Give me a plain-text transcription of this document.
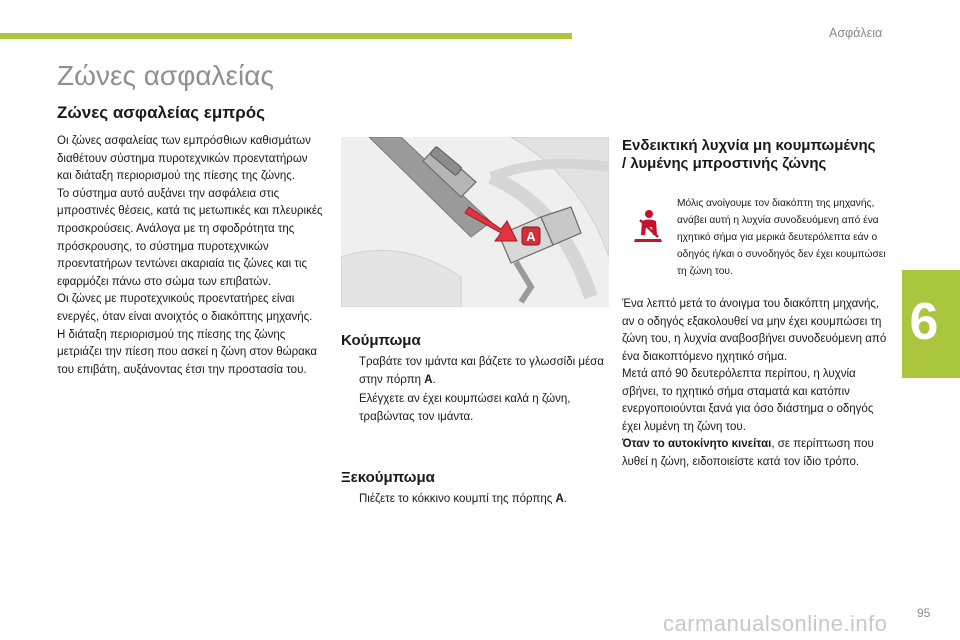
Ασφάλεια
6
Ζώνες ασφαλείας
Ζώνες ασφαλείας εμπρός

Οι ζώνες ασφαλείας των εμπρόσθιων καθισμάτων διαθέτουν σύστημα πυροτεχνικών προεντατήρων και διάταξη περιορισμού της πίεσης της ζώνης.

Το σύστημα αυτό αυξάνει την ασφάλεια στις μπροστινές θέσεις, κατά τις μετωπικές και πλευρικές προσκρούσεις. Ανάλογα με τη σφοδρότητα της πρόσκρουσης, το σύστημα πυροτεχνικών προεντατήρων τεντώνει ακαριαία τις ζώνες και τις εφαρμόζει πάνω στο σώμα των επιβατών.

Οι ζώνες με πυροτεχνικούς προεντατήρες είναι ενεργές, όταν είναι ανοιχτός ο διακόπτης μηχανής.

Η διάταξη περιορισμού της πίεσης της ζώνης μετριάζει την πίεση που ασκεί η ζώνη στον θώρακα του επιβάτη, αυξάνοντας έτσι την προστασία του.

A
Κούμπωμα
Τραβάτε τον ιμάντα και βάζετε το γλωσσίδι μέσα στην πόρπη A.
Ελέγχετε αν έχει κουμπώσει καλά η ζώνη, τραβώντας τον ιμάντα.
Ξεκούμπωμα
Πιέζετε το κόκκινο κουμπί της πόρπης A.
Ενδεικτική λυχνία μη κουμπωμένης / λυμένης μπροστινής ζώνης
Μόλις ανοίγουμε τον διακόπτη της μηχανής, ανάβει αυτή η λυχνία συνοδευόμενη από ένα ηχητικό σήμα για μερικά δευτερόλεπτα εάν ο οδηγός ή/και ο συνοδηγός δεν έχει κουμπώσει τη ζώνη του.

Ένα λεπτό μετά το άνοιγμα του διακόπτη μηχανής, αν ο οδηγός εξακολουθεί να μην έχει κουμπώσει τη ζώνη του, η λυχνία αναβοσβήνει συνοδευόμενη από ένα διακοπτόμενο ηχητικό σήμα.

Μετά από 90 δευτερόλεπτα περίπου, η λυχνία σβήνει, το ηχητικό σήμα σταματά και κατόπιν ενεργοποιούνται ξανά για όσο διάστημα ο οδηγός έχει λυμένη τη ζώνη του.

Όταν το αυτοκίνητο κινείται, σε περίπτωση που λυθεί η ζώνη, ειδοποιείστε κατά τον ίδιο τρόπο.

carmanualsonline.info 95
